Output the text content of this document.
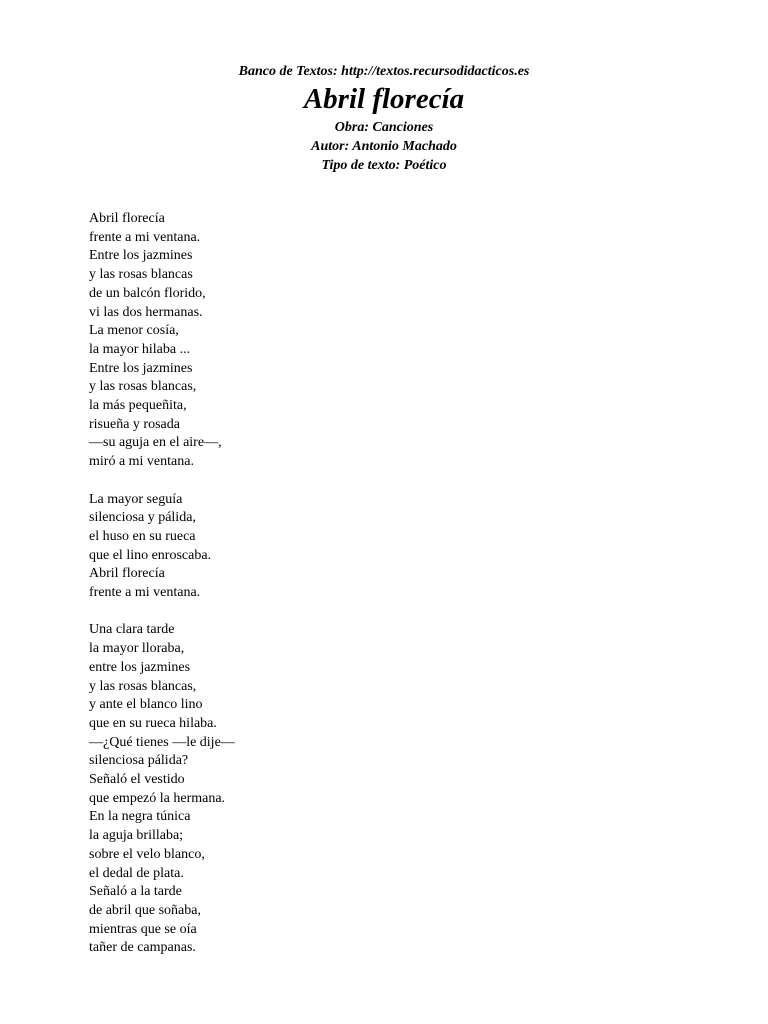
Banco de Textos: http://textos.recursodidacticos.es
Abril florecía
Obra: Canciones
Autor: Antonio Machado
Tipo de texto: Poético
Abril florecía
frente a mi ventana.
Entre los jazmines
y las rosas blancas
de un balcón florido,
vi las dos hermanas.
La menor cosía,
la mayor hilaba ...
Entre los jazmines
y las rosas blancas,
la más pequeñita,
risueña y rosada
—su aguja en el aire—,
miró a mi ventana.
La mayor seguía
silenciosa y pálida,
el huso en su rueca
que el lino enroscaba.
Abril florecía
frente a mi ventana.
Una clara tarde
la mayor lloraba,
entre los jazmines
y las rosas blancas,
y ante el blanco lino
que en su rueca hilaba.
—¿Qué tienes —le dije—
silenciosa pálida?
Señaló el vestido
que empezó la hermana.
En la negra túnica
la aguja brillaba;
sobre el velo blanco,
el dedal de plata.
Señaló a la tarde
de abril que soñaba,
mientras que se oía
tañer de campanas.
